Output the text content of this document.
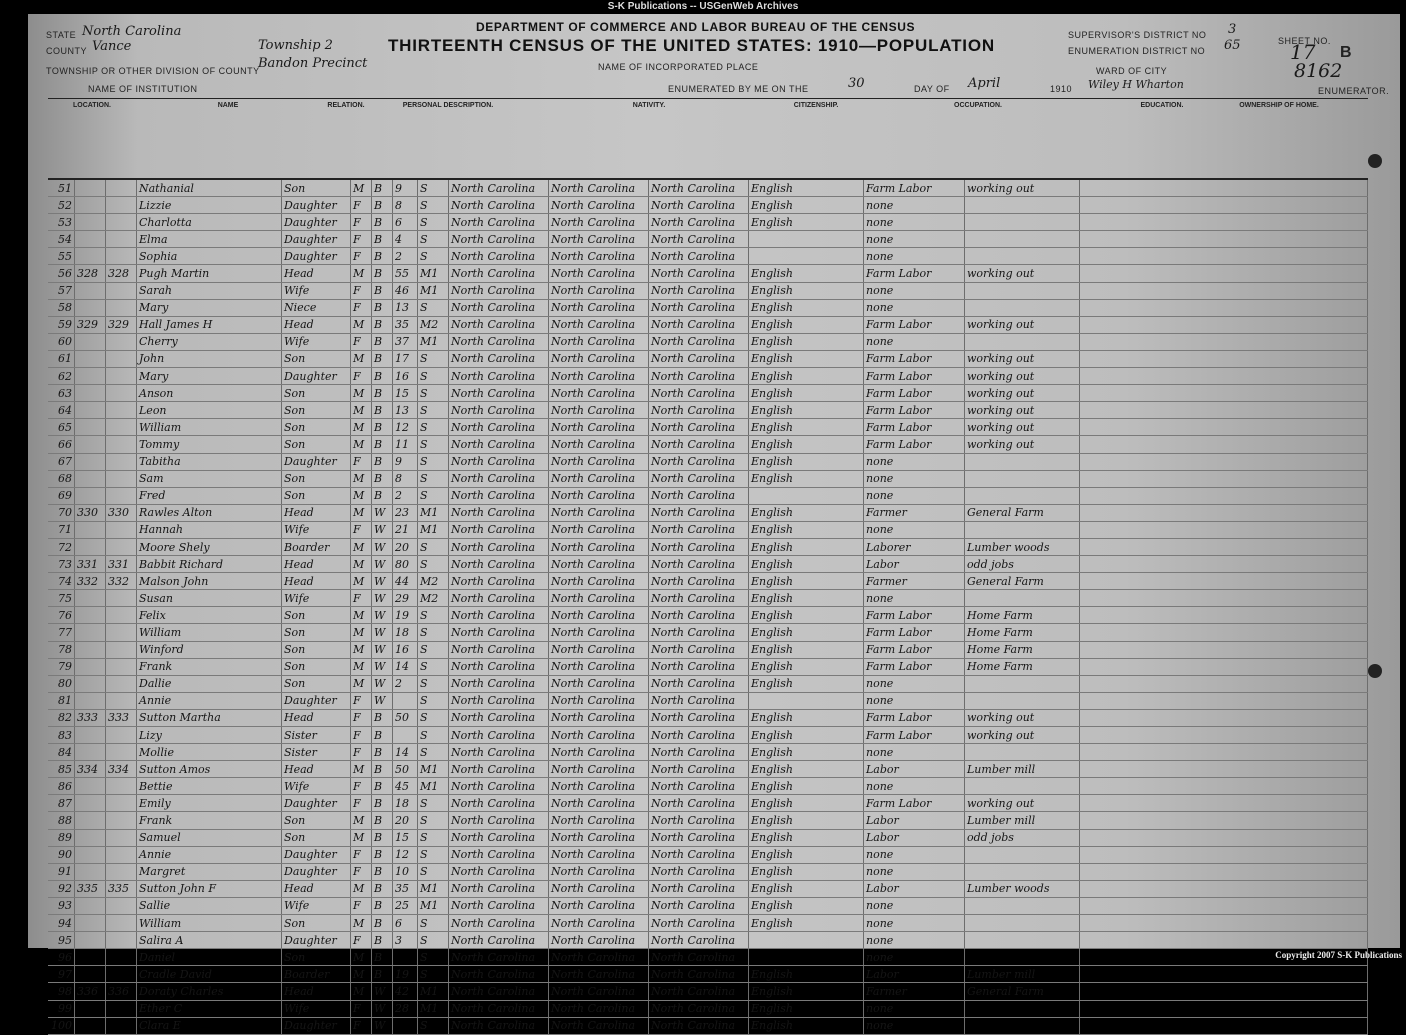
S-K Publications -- USGenWeb Archives
STATE North Carolina
COUNTY Vance
TOWNSHIP OR OTHER DIVISION OF COUNTY
Township 2
Bandon Precinct
NAME OF INSTITUTION
DEPARTMENT OF COMMERCE AND LABOR BUREAU OF THE CENSUS
THIRTEENTH CENSUS OF THE UNITED STATES: 1910—POPULATION
NAME OF INCORPORATED PLACE
ENUMERATED BY ME ON THE	30	DAY OF April	1910 Wiley H Wharton	ENUMERATOR.
SUPERVISOR'S DISTRICT NO 3
ENUMERATION DISTRICT NO 65	SHEET NO.
17 B
WARD OF CITY	8162
LOCATION.	NAME	RELATION.	PERSONAL DESCRIPTION.	NATIVITY.	CITIZENSHIP.	OCCUPATION.	EDUCATION.	OWNERSHIP OF HOME.
51			Nathanial	Son	M	B	9	S	North Carolina	North Carolina	North Carolina	English	Farm Labor	working out	
52			Lizzie	Daughter	F	B	8	S	North Carolina	North Carolina	North Carolina	English	none		
53			Charlotta	Daughter	F	B	6	S	North Carolina	North Carolina	North Carolina	English	none		
54			Elma	Daughter	F	B	4	S	North Carolina	North Carolina	North Carolina		none		
55			Sophia	Daughter	F	B	2	S	North Carolina	North Carolina	North Carolina		none		
56	328	328	Pugh Martin	Head	M	B	55	M1	North Carolina	North Carolina	North Carolina	English	Farm Labor	working out	
57			Sarah	Wife	F	B	46	M1	North Carolina	North Carolina	North Carolina	English	none		
58			Mary	Niece	F	B	13	S	North Carolina	North Carolina	North Carolina	English	none		
59	329	329	Hall James H	Head	M	B	35	M2	North Carolina	North Carolina	North Carolina	English	Farm Labor	working out	
60			Cherry	Wife	F	B	37	M1	North Carolina	North Carolina	North Carolina	English	none		
61			John	Son	M	B	17	S	North Carolina	North Carolina	North Carolina	English	Farm Labor	working out	
62			Mary	Daughter	F	B	16	S	North Carolina	North Carolina	North Carolina	English	Farm Labor	working out	
63			Anson	Son	M	B	15	S	North Carolina	North Carolina	North Carolina	English	Farm Labor	working out	
64			Leon	Son	M	B	13	S	North Carolina	North Carolina	North Carolina	English	Farm Labor	working out	
65			William	Son	M	B	12	S	North Carolina	North Carolina	North Carolina	English	Farm Labor	working out	
66			Tommy	Son	M	B	11	S	North Carolina	North Carolina	North Carolina	English	Farm Labor	working out	
67			Tabitha	Daughter	F	B	9	S	North Carolina	North Carolina	North Carolina	English	none		
68			Sam	Son	M	B	8	S	North Carolina	North Carolina	North Carolina	English	none		
69			Fred	Son	M	B	2	S	North Carolina	North Carolina	North Carolina		none		
70	330	330	Rawles Alton	Head	M	W	23	M1	North Carolina	North Carolina	North Carolina	English	Farmer	General Farm	
71			Hannah	Wife	F	W	21	M1	North Carolina	North Carolina	North Carolina	English	none		
72			Moore Shely	Boarder	M	W	20	S	North Carolina	North Carolina	North Carolina	English	Laborer	Lumber woods	
73	331	331	Babbit Richard	Head	M	W	80	S	North Carolina	North Carolina	North Carolina	English	Labor	odd jobs	
74	332	332	Malson John	Head	M	W	44	M2	North Carolina	North Carolina	North Carolina	English	Farmer	General Farm	
75			Susan	Wife	F	W	29	M2	North Carolina	North Carolina	North Carolina	English	none		
76			Felix	Son	M	W	19	S	North Carolina	North Carolina	North Carolina	English	Farm Labor	Home Farm	
77			William	Son	M	W	18	S	North Carolina	North Carolina	North Carolina	English	Farm Labor	Home Farm	
78			Winford	Son	M	W	16	S	North Carolina	North Carolina	North Carolina	English	Farm Labor	Home Farm	
79			Frank	Son	M	W	14	S	North Carolina	North Carolina	North Carolina	English	Farm Labor	Home Farm	
80			Dallie	Son	M	W	2	S	North Carolina	North Carolina	North Carolina	English	none		
81			Annie	Daughter	F	W		S	North Carolina	North Carolina	North Carolina		none		
82	333	333	Sutton Martha	Head	F	B	50	S	North Carolina	North Carolina	North Carolina	English	Farm Labor	working out	
83			Lizy	Sister	F	B		S	North Carolina	North Carolina	North Carolina	English	Farm Labor	working out	
84			Mollie	Sister	F	B	14	S	North Carolina	North Carolina	North Carolina	English	none		
85	334	334	Sutton Amos	Head	M	B	50	M1	North Carolina	North Carolina	North Carolina	English	Labor	Lumber mill	
86			Bettie	Wife	F	B	45	M1	North Carolina	North Carolina	North Carolina	English	none		
87			Emily	Daughter	F	B	18	S	North Carolina	North Carolina	North Carolina	English	Farm Labor	working out	
88			Frank	Son	M	B	20	S	North Carolina	North Carolina	North Carolina	English	Labor	Lumber mill	
89			Samuel	Son	M	B	15	S	North Carolina	North Carolina	North Carolina	English	Labor	odd jobs	
90			Annie	Daughter	F	B	12	S	North Carolina	North Carolina	North Carolina	English	none		
91			Margret	Daughter	F	B	10	S	North Carolina	North Carolina	North Carolina	English	none		
92	335	335	Sutton John F	Head	M	B	35	M1	North Carolina	North Carolina	North Carolina	English	Labor	Lumber woods	
93			Sallie	Wife	F	B	25	M1	North Carolina	North Carolina	North Carolina	English	none		
94			William	Son	M	B	6	S	North Carolina	North Carolina	North Carolina	English	none		
95			Salira A	Daughter	F	B	3	S	North Carolina	North Carolina	North Carolina		none		
96			Daniel	Son	M	B		S	North Carolina	North Carolina	North Carolina		none		
97			Cradle David	Boarder	M	B	19	S	North Carolina	North Carolina	North Carolina	English	Labor	Lumber mill	
98	336	336	Doraty Charles	Head	M	W	42	M1	North Carolina	North Carolina	North Carolina	English	Farmer	General Farm	
99			Ether C	Wife	F	W	28	M1	North Carolina	North Carolina	North Carolina	English	none		
100			Clara E	Daughter	F	W		S	North Carolina	North Carolina	North Carolina	English	none		
Copyright 2007 S-K Publications
